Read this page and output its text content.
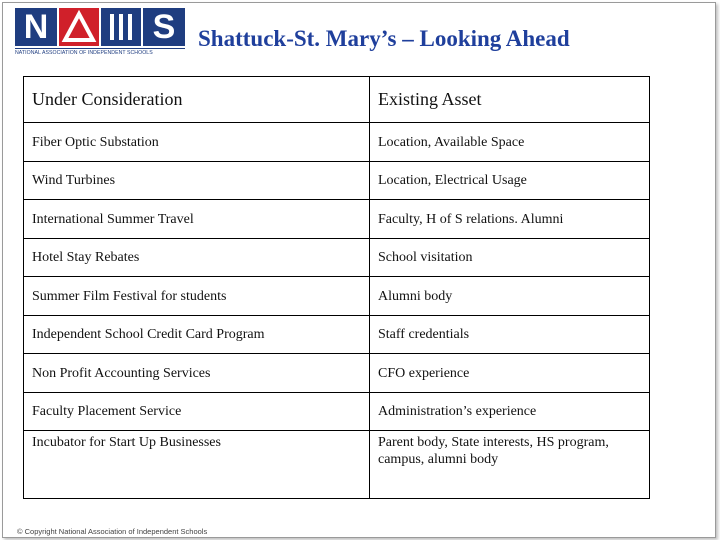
N	S
NATIONAL ASSOCIATION OF INDEPENDENT SCHOOLS
Shattuck-St. Mary’s – Looking Ahead
Under Consideration	Existing Asset
Fiber Optic Substation	Location, Available Space
Wind Turbines	Location, Electrical Usage
International Summer Travel	Faculty, H of S relations. Alumni
Hotel Stay Rebates	School visitation
Summer Film Festival for students	Alumni body
Independent School Credit Card Program	Staff credentials
Non Profit Accounting Services	CFO experience
Faculty Placement Service	Administration’s experience
Incubator for Start Up Businesses	Parent body, State interests, HS program, campus, alumni body
© Copyright National Association of Independent Schools
